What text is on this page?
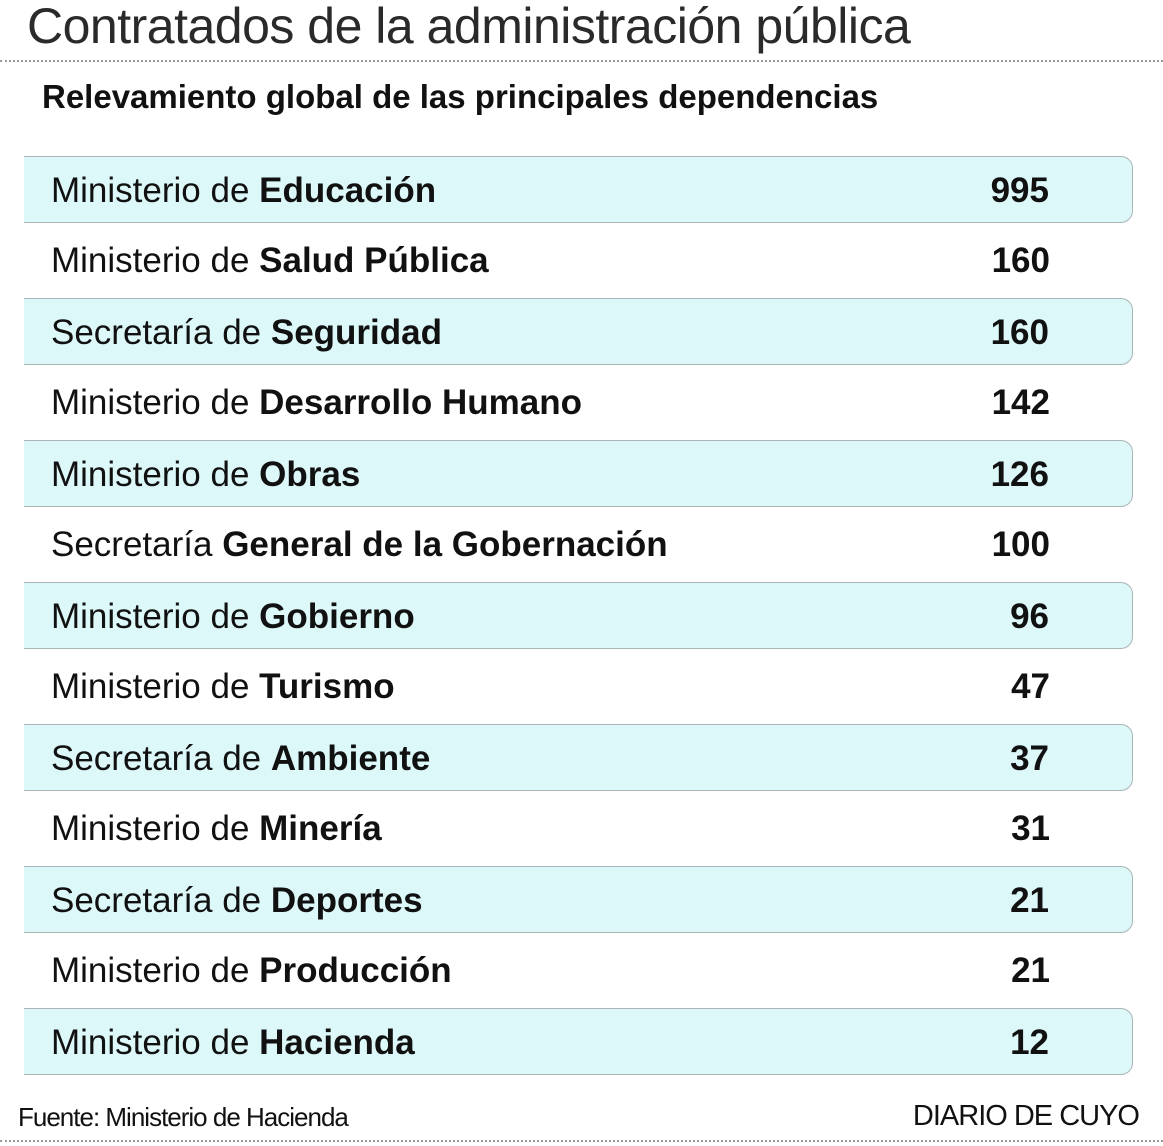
Contratados de la administración pública
Relevamiento global de las principales dependencias
Ministerio de Educación	995
Ministerio de Salud Pública	160
Secretaría de Seguridad	160
Ministerio de Desarrollo Humano	142
Ministerio de Obras	126
Secretaría General de la Gobernación	100
Ministerio de Gobierno	96
Ministerio de Turismo	47
Secretaría de Ambiente	37
Ministerio de Minería	31
Secretaría de Deportes	21
Ministerio de Producción	21
Ministerio de Hacienda	12
Fuente: Ministerio de Hacienda	DIARIO DE CUYO
